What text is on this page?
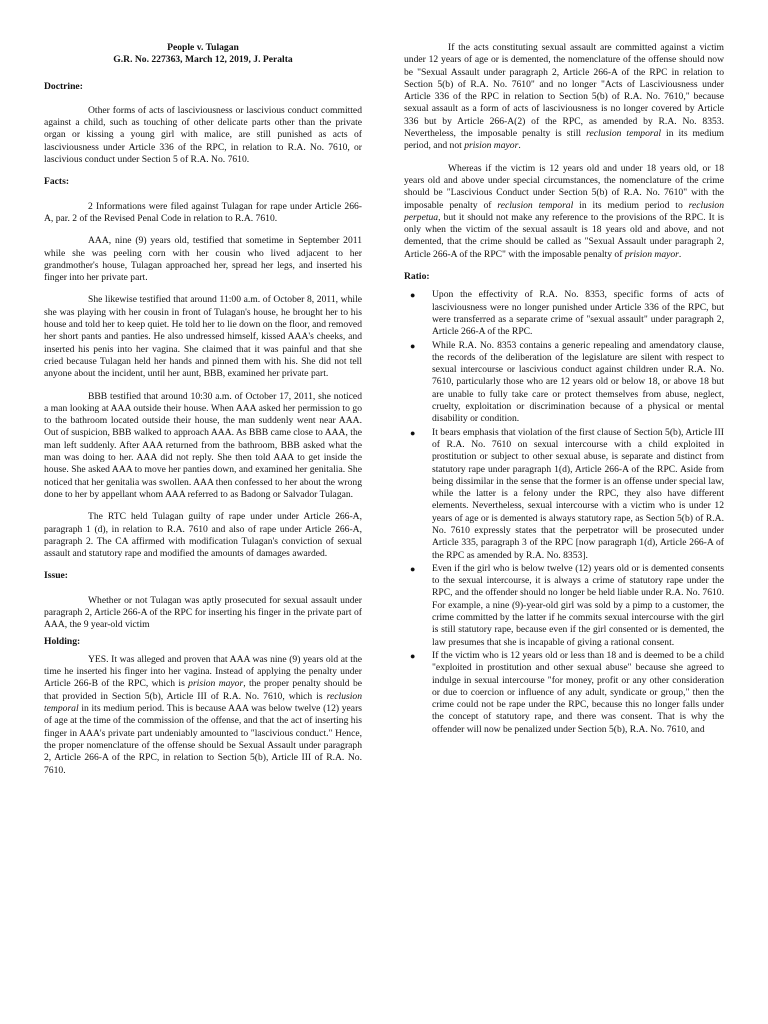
People v. Tulagan

G.R. No. 227363, March 12, 2019, J. Peralta

Doctrine:

Other forms of acts of lasciviousness or lascivious conduct committed against a child, such as touching of other delicate parts other than the private organ or kissing a young girl with malice, are still punished as acts of lasciviousness under Article 336 of the RPC, in relation to R.A. No. 7610, or lascivious conduct under Section 5 of R.A. No. 7610.

Facts:

2 Informations were filed against Tulagan for rape under Article 266-A, par. 2 of the Revised Penal Code in relation to R.A. 7610.

AAA, nine (9) years old, testified that sometime in September 2011 while she was peeling corn with her cousin who lived adjacent to her grandmother's house, Tulagan approached her, spread her legs, and inserted his finger into her private part.

She likewise testified that around 11:00 a.m. of October 8, 2011, while she was playing with her cousin in front of Tulagan's house, he brought her to his house and told her to keep quiet. He told her to lie down on the floor, and removed her short pants and panties. He also undressed himself, kissed AAA's cheeks, and inserted his penis into her vagina. She claimed that it was painful and that she cried because Tulagan held her hands and pinned them with his. She did not tell anyone about the incident, until her aunt, BBB, examined her private part.

BBB testified that around 10:30 a.m. of October 17, 2011, she noticed a man looking at AAA outside their house. When AAA asked her permission to go to the bathroom located outside their house, the man suddenly went near AAA. Out of suspicion, BBB walked to approach AAA. As BBB came close to AAA, the man left suddenly. After AAA returned from the bathroom, BBB asked what the man was doing to her. AAA did not reply. She then told AAA to get inside the house. She asked AAA to move her panties down, and examined her genitalia. She noticed that her genitalia was swollen. AAA then confessed to her about the wrong done to her by appellant whom AAA referred to as Badong or Salvador Tulagan.

The RTC held Tulagan guilty of rape under under Article 266-A, paragraph 1 (d), in relation to R.A. 7610 and also of rape under Article 266-A, paragraph 2. The CA affirmed with modification Tulagan's conviction of sexual assault and statutory rape and modified the amounts of damages awarded.

Issue:

Whether or not Tulagan was aptly prosecuted for sexual assault under paragraph 2, Article 266-A of the RPC for inserting his finger in the private part of AAA, the 9 year-old victim

Holding:

YES. It was alleged and proven that AAA was nine (9) years old at the time he inserted his finger into her vagina. Instead of applying the penalty under Article 266-B of the RPC, which is prision mayor, the proper penalty should be that provided in Section 5(b), Article III of R.A. No. 7610, which is reclusion temporal in its medium period. This is because AAA was below twelve (12) years of age at the time of the commission of the offense, and that the act of inserting his finger in AAA's private part undeniably amounted to "lascivious conduct." Hence, the proper nomenclature of the offense should be Sexual Assault under paragraph 2, Article 266-A of the RPC, in relation to Section 5(b), Article III of R.A. No. 7610.

If the acts constituting sexual assault are committed against a victim under 12 years of age or is demented, the nomenclature of the offense should now be "Sexual Assault under paragraph 2, Article 266-A of the RPC in relation to Section 5(b) of R.A. No. 7610" and no longer "Acts of Lasciviousness under Article 336 of the RPC in relation to Section 5(b) of R.A. No. 7610," because sexual assault as a form of acts of lasciviousness is no longer covered by Article 336 but by Article 266-A(2) of the RPC, as amended by R.A. No. 8353. Nevertheless, the imposable penalty is still reclusion temporal in its medium period, and not prision mayor.

Whereas if the victim is 12 years old and under 18 years old, or 18 years old and above under special circumstances, the nomenclature of the crime should be "Lascivious Conduct under Section 5(b) of R.A. No. 7610" with the imposable penalty of reclusion temporal in its medium period to reclusion perpetua, but it should not make any reference to the provisions of the RPC. It is only when the victim of the sexual assault is 18 years old and above, and not demented, that the crime should be called as "Sexual Assault under paragraph 2, Article 266-A of the RPC" with the imposable penalty of prision mayor.

Ratio:

● Upon the effectivity of R.A. No. 8353, specific forms of acts of lasciviousness were no longer punished under Article 336 of the RPC, but were transferred as a separate crime of "sexual assault" under paragraph 2, Article 266-A of the RPC.
● While R.A. No. 8353 contains a generic repealing and amendatory clause, the records of the deliberation of the legislature are silent with respect to sexual intercourse or lascivious conduct against children under R.A. No. 7610, particularly those who are 12 years old or below 18, or above 18 but are unable to fully take care or protect themselves from abuse, neglect, cruelty, exploitation or discrimination because of a physical or mental disability or condition.
● It bears emphasis that violation of the first clause of Section 5(b), Article III of R.A. No. 7610 on sexual intercourse with a child exploited in prostitution or subject to other sexual abuse, is separate and distinct from statutory rape under paragraph 1(d), Article 266-A of the RPC. Aside from being dissimilar in the sense that the former is an offense under special law, while the latter is a felony under the RPC, they also have different elements. Nevertheless, sexual intercourse with a victim who is under 12 years of age or is demented is always statutory rape, as Section 5(b) of R.A. No. 7610 expressly states that the perpetrator will be prosecuted under Article 335, paragraph 3 of the RPC [now paragraph 1(d), Article 266-A of the RPC as amended by R.A. No. 8353].
● Even if the girl who is below twelve (12) years old or is demented consents to the sexual intercourse, it is always a crime of statutory rape under the RPC, and the offender should no longer be held liable under R.A. No. 7610. For example, a nine (9)-year-old girl was sold by a pimp to a customer, the crime committed by the latter if he commits sexual intercourse with the girl is still statutory rape, because even if the girl consented or is demented, the law presumes that she is incapable of giving a rational consent.
● If the victim who is 12 years old or less than 18 and is deemed to be a child "exploited in prostitution and other sexual abuse" because she agreed to indulge in sexual intercourse "for money, profit or any other consideration or due to coercion or influence of any adult, syndicate or group," then the crime could not be rape under the RPC, because this no longer falls under the concept of statutory rape, and there was consent. That is why the offender will now be penalized under Section 5(b), R.A. No. 7610, and
